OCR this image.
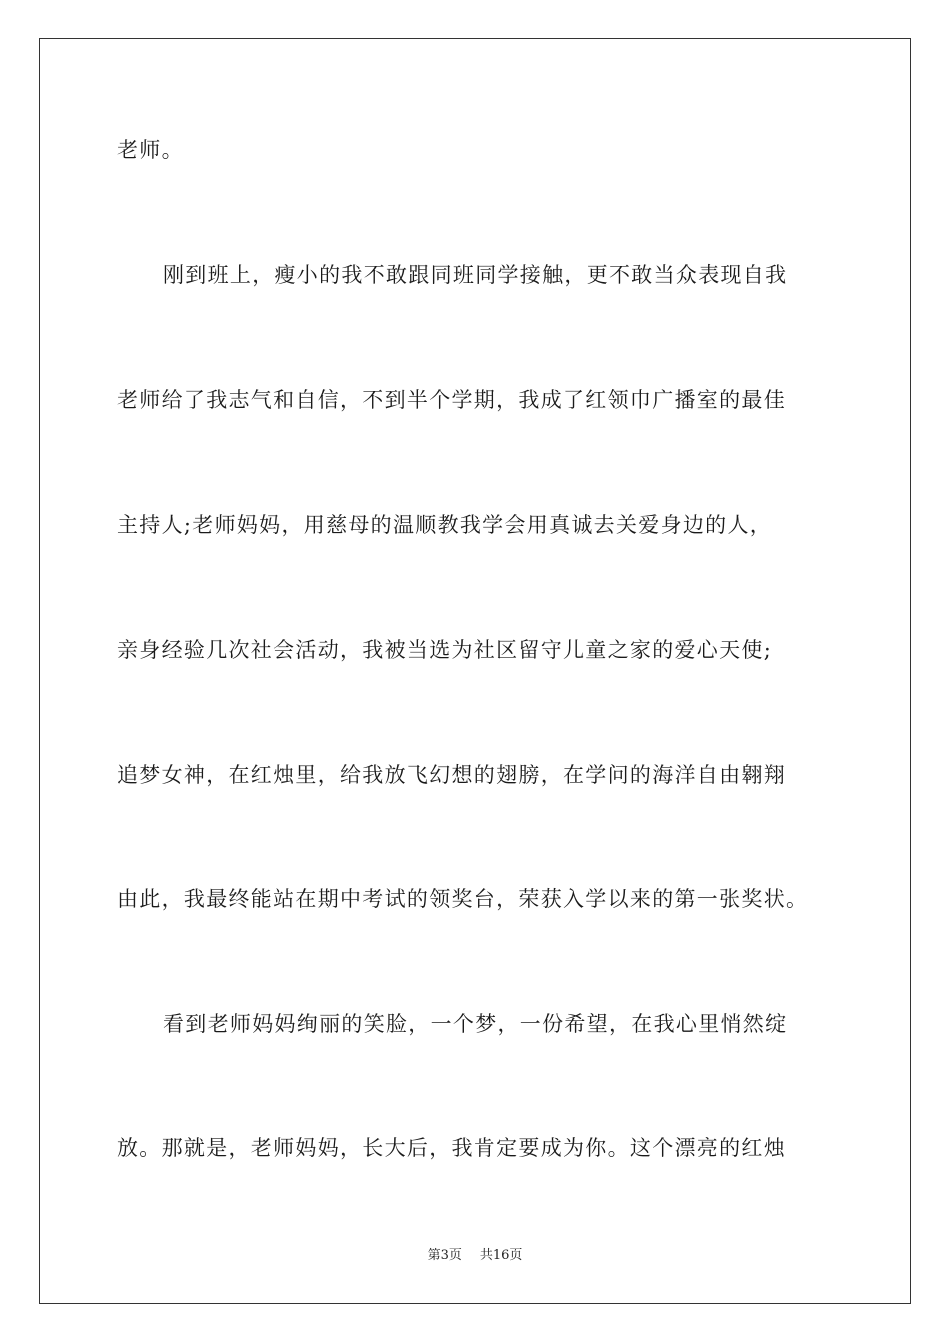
老师。
刚到班上，瘦小的我不敢跟同班同学接触，更不敢当众表现自我
老师给了我志气和自信，不到半个学期，我成了红领巾广播室的最佳
主持人;老师妈妈，用慈母的温顺教我学会用真诚去关爱身边的人，
亲身经验几次社会活动，我被当选为社区留守儿童之家的爱心天使;
追梦女神，在红烛里，给我放飞幻想的翅膀，在学问的海洋自由翱翔
由此，我最终能站在期中考试的领奖台，荣获入学以来的第一张奖状。
看到老师妈妈绚丽的笑脸，一个梦，一份希望，在我心里悄然绽
放。那就是，老师妈妈，长大后，我肯定要成为你。这个漂亮的红烛
第3页 共16页
